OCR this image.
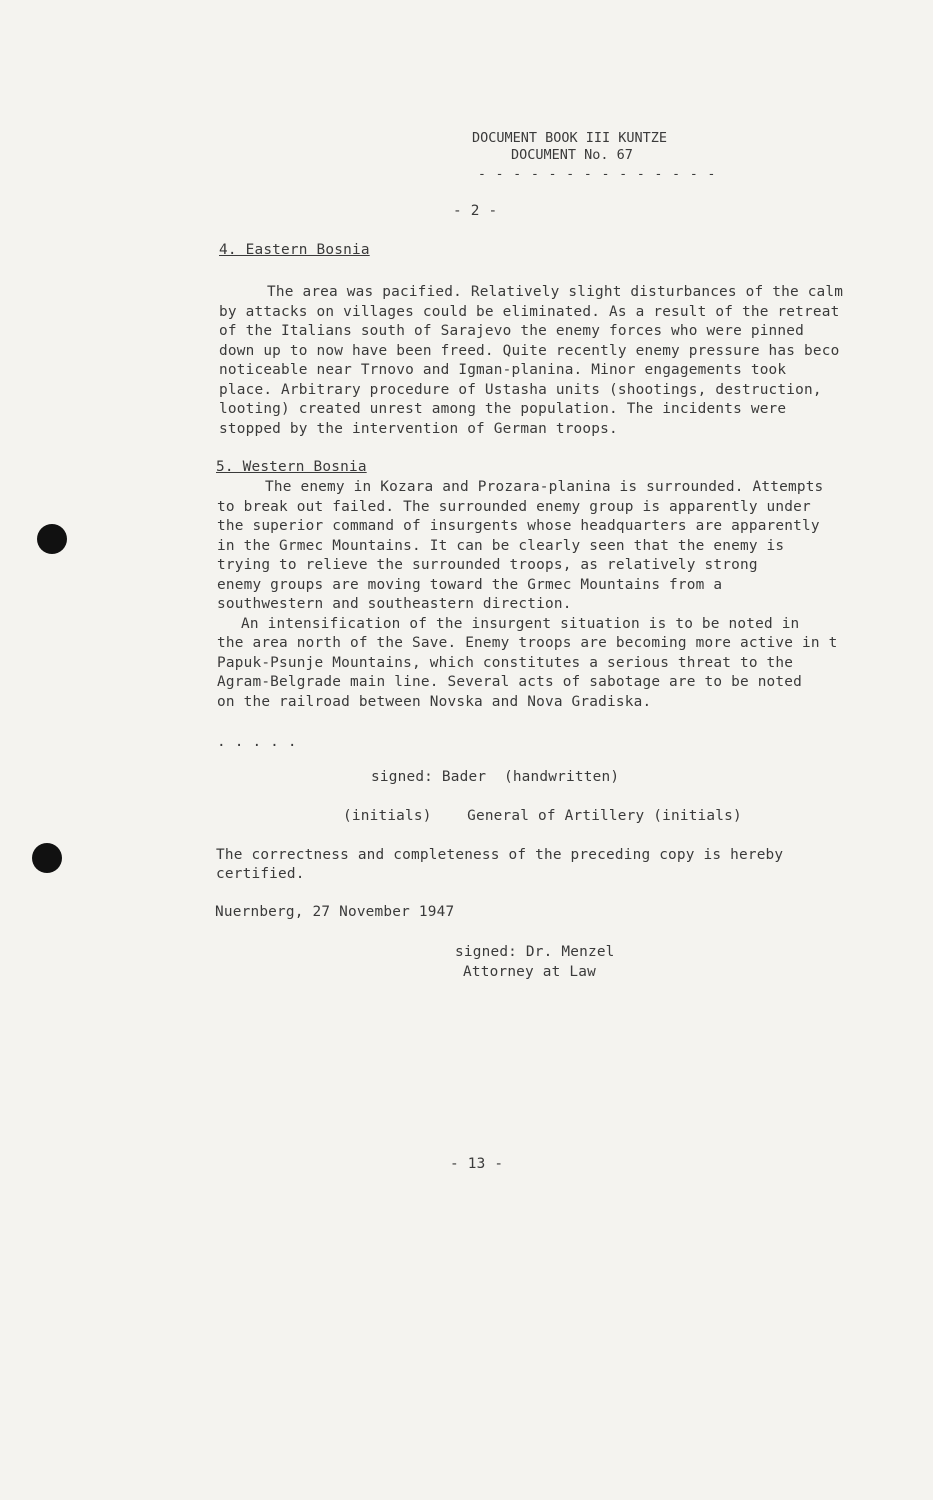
DOCUMENT BOOK III KUNTZE
DOCUMENT No. 67
- - - - - - - - - - - - - -
- 2 -
4. Eastern Bosnia
The area was pacified. Relatively slight disturbances of the calm
by attacks on villages could be eliminated. As a result of the retreat
of the Italians south of Sarajevo the enemy forces who were pinned
down up to now have been freed. Quite recently enemy pressure has beco
noticeable near Trnovo and Igman-planina. Minor engagements took
place. Arbitrary procedure of Ustasha units (shootings, destruction,
looting) created unrest among the population. The incidents were
stopped by the intervention of German troops.
5. Western Bosnia
The enemy in Kozara and Prozara-planina is surrounded. Attempts
to break out failed. The surrounded enemy group is apparently under
the superior command of insurgents whose headquarters are apparently
in the Grmec Mountains. It can be clearly seen that the enemy is
trying to relieve the surrounded troops, as relatively strong
enemy groups are moving toward the Grmec Mountains from a
southwestern and southeastern direction.
An intensification of the insurgent situation is to be noted in
the area north of the Save. Enemy troops are becoming more active in t
Papuk-Psunje Mountains, which constitutes a serious threat to the
Agram-Belgrade main line. Several acts of sabotage are to be noted
on the railroad between Novska and Nova Gradiska.
. . . . .
signed: Bader  (handwritten)
(initials)    General of Artillery (initials)
The correctness and completeness of the preceding copy is hereby
certified.
Nuernberg, 27 November 1947
signed: Dr. Menzel
Attorney at Law
- 13 -
